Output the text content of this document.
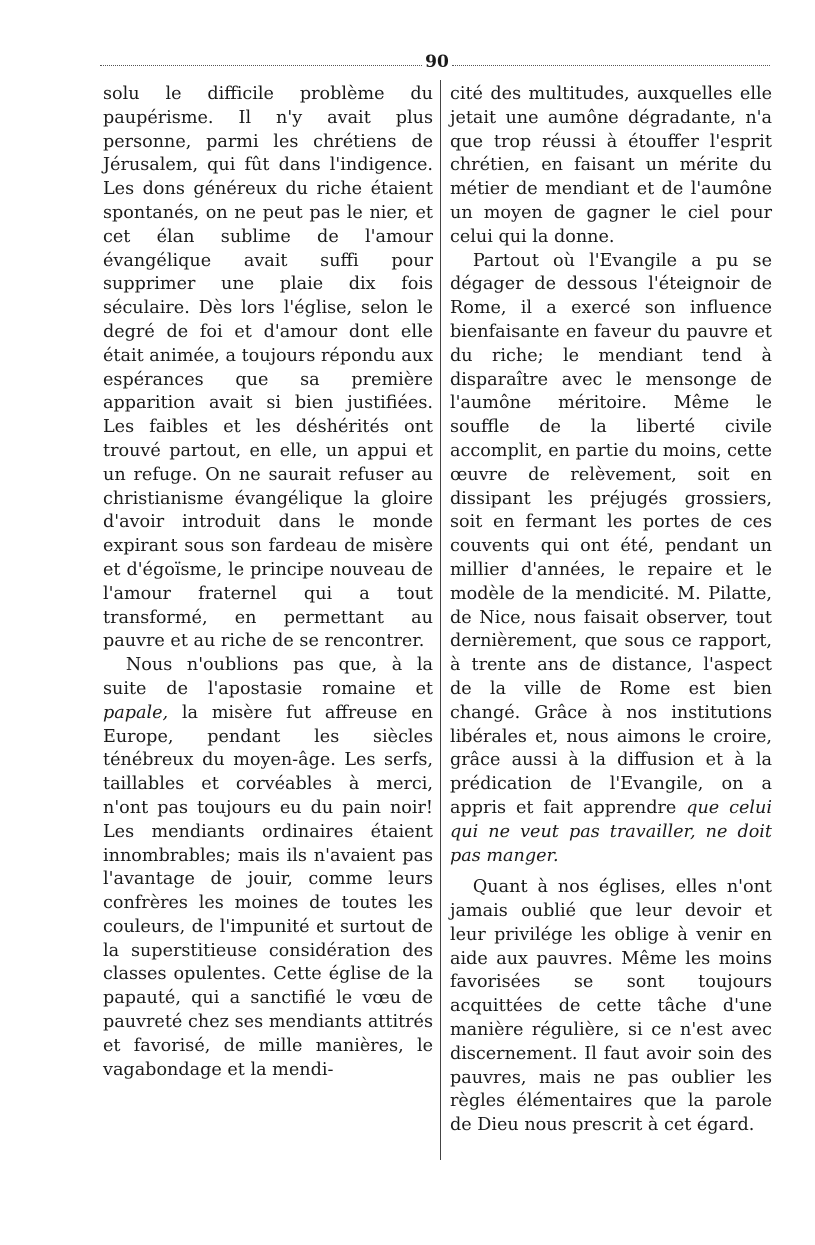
90

solu le difficile problème du paupérisme. Il n'y avait plus personne, parmi les chrétiens de Jérusalem, qui fût dans l'indigence. Les dons généreux du riche étaient spontanés, on ne peut pas le nier, et cet élan sublime de l'amour évangélique avait suffi pour supprimer une plaie dix fois séculaire. Dès lors l'église, selon le degré de foi et d'amour dont elle était animée, a toujours répondu aux espérances que sa première apparition avait si bien justifiées. Les faibles et les déshérités ont trouvé partout, en elle, un appui et un refuge. On ne saurait refuser au christianisme évangélique la gloire d'avoir introduit dans le monde expirant sous son fardeau de misère et d'égoïsme, le principe nouveau de l'amour fraternel qui a tout transformé, en permettant au pauvre et au riche de se rencontrer.

Nous n'oublions pas que, à la suite de l'apostasie romaine et papale, la misère fut affreuse en Europe, pendant les siècles ténébreux du moyen-âge. Les serfs, taillables et corvéables à merci, n'ont pas toujours eu du pain noir! Les mendiants ordinaires étaient innombrables; mais ils n'avaient pas l'avantage de jouir, comme leurs confrères les moines de toutes les couleurs, de l'impunité et surtout de la superstitieuse considération des classes opulentes. Cette église de la papauté, qui a sanctifié le vœu de pauvreté chez ses mendiants attitrés et favorisé, de mille manières, le vagabondage et la mendi-

cité des multitudes, auxquelles elle jetait une aumône dégradante, n'a que trop réussi à étouffer l'esprit chrétien, en faisant un mérite du métier de mendiant et de l'aumône un moyen de gagner le ciel pour celui qui la donne.

Partout où l'Evangile a pu se dégager de dessous l'éteignoir de Rome, il a exercé son influence bienfaisante en faveur du pauvre et du riche; le mendiant tend à disparaître avec le mensonge de l'aumône méritoire. Même le souffle de la liberté civile accomplit, en partie du moins, cette œuvre de relèvement, soit en dissipant les préjugés grossiers, soit en fermant les portes de ces couvents qui ont été, pendant un millier d'années, le repaire et le modèle de la mendicité. M. Pilatte, de Nice, nous faisait observer, tout dernièrement, que sous ce rapport, à trente ans de distance, l'aspect de la ville de Rome est bien changé. Grâce à nos institutions libérales et, nous aimons le croire, grâce aussi à la diffusion et à la prédication de l'Evangile, on a appris et fait apprendre que celui qui ne veut pas travailler, ne doit pas manger.

Quant à nos églises, elles n'ont jamais oublié que leur devoir et leur privilége les oblige à venir en aide aux pauvres. Même les moins favorisées se sont toujours acquittées de cette tâche d'une manière régulière, si ce n'est avec discernement. Il faut avoir soin des pauvres, mais ne pas oublier les règles élémentaires que la parole de Dieu nous prescrit à cet égard.
